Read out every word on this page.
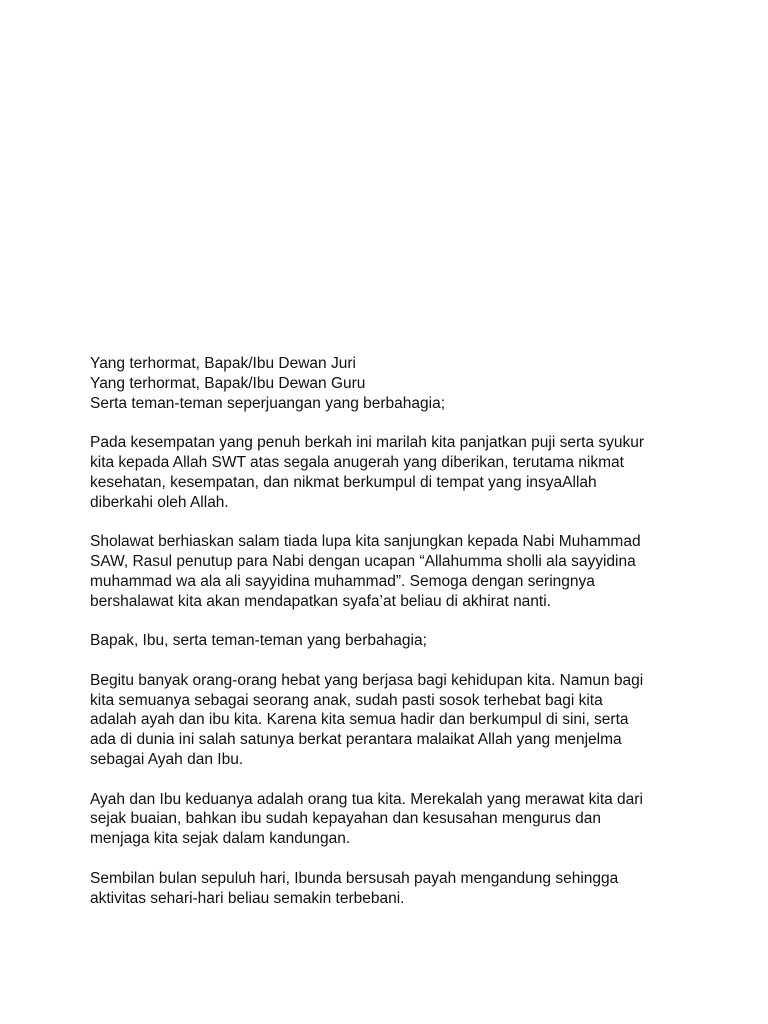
Yang terhormat, Bapak/Ibu Dewan Juri
Yang terhormat, Bapak/Ibu Dewan Guru
Serta teman-teman seperjuangan yang berbahagia;
Pada kesempatan yang penuh berkah ini marilah kita panjatkan puji serta syukur
kita kepada Allah SWT atas segala anugerah yang diberikan, terutama nikmat
kesehatan, kesempatan, dan nikmat berkumpul di tempat yang insyaAllah
diberkahi oleh Allah.
Sholawat berhiaskan salam tiada lupa kita sanjungkan kepada Nabi Muhammad
SAW, Rasul penutup para Nabi dengan ucapan “Allahumma sholli ala sayyidina
muhammad wa ala ali sayyidina muhammad”. Semoga dengan seringnya
bershalawat kita akan mendapatkan syafa’at beliau di akhirat nanti.
Bapak, Ibu, serta teman-teman yang berbahagia;
Begitu banyak orang-orang hebat yang berjasa bagi kehidupan kita. Namun bagi
kita semuanya sebagai seorang anak, sudah pasti sosok terhebat bagi kita
adalah ayah dan ibu kita. Karena kita semua hadir dan berkumpul di sini, serta
ada di dunia ini salah satunya berkat perantara malaikat Allah yang menjelma
sebagai Ayah dan Ibu.
Ayah dan Ibu keduanya adalah orang tua kita. Merekalah yang merawat kita dari
sejak buaian, bahkan ibu sudah kepayahan dan kesusahan mengurus dan
menjaga kita sejak dalam kandungan.
Sembilan bulan sepuluh hari, Ibunda bersusah payah mengandung sehingga
aktivitas sehari-hari beliau semakin terbebani.
